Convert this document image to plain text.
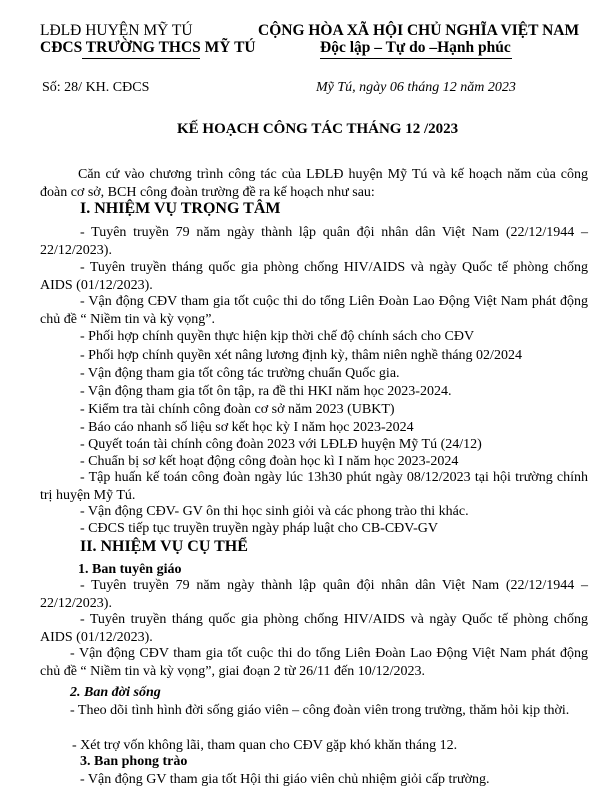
LĐLĐ HUYỆN MỸ TÚ
CĐCS TRƯỜNG THCS MỸ TÚ
CỘNG HÒA XÃ HỘI CHỦ NGHĨA VIỆT NAM
Độc lập – Tự do –Hạnh phúc
Số: 28/ KH. CĐCS	Mỹ Tú, ngày 06 tháng 12 năm 2023
KẾ HOẠCH CÔNG TÁC THÁNG 12 /2023
Căn cứ vào chương trình công tác của LĐLĐ huyện Mỹ Tú và kế hoạch năm của công đoàn cơ sở, BCH công đoàn trường đề ra kế hoạch như sau:
I. NHIỆM VỤ TRỌNG TÂM
- Tuyên truyền 79 năm ngày thành lập quân đội nhân dân Việt Nam (22/12/1944 – 22/12/2023).
- Tuyên truyền tháng quốc gia phòng chống HIV/AIDS và ngày Quốc tế phòng chống AIDS (01/12/2023).
- Vận động CĐV tham gia tốt cuộc thi do tổng Liên Đoàn Lao Động Việt Nam phát động chủ đề “ Niềm tin và kỳ vọng”.
- Phối hợp chính quyền thực hiện kịp thời chế độ chính sách cho CĐV
- Phối hợp chính quyền xét nâng lương định kỳ, thâm niên nghề tháng 02/2024
- Vận động tham gia tốt công tác trường chuẩn Quốc gia.
- Vận động tham gia tốt ôn tập, ra đề thi HKI năm học 2023-2024.
- Kiểm tra tài chính công đoàn cơ sở năm 2023 (UBKT)
- Báo cáo nhanh số liệu sơ kết học kỳ I năm học 2023-2024
- Quyết toán tài chính công đoàn 2023 với LĐLĐ huyện Mỹ Tú (24/12)
- Chuẩn bị sơ kết hoạt động công đoàn học kì I năm học 2023-2024
- Tập huấn kế toán công đoàn ngày lúc 13h30 phút ngày 08/12/2023 tại hội trường chính trị huyện Mỹ Tú.
- Vận động CĐV- GV ôn thi học sinh giỏi và các phong trào thi khác.
- CĐCS tiếp tục truyền truyền ngày pháp luật cho CB-CĐV-GV
II. NHIỆM VỤ CỤ THỂ
1. Ban tuyên giáo
- Tuyên truyền 79 năm ngày thành lập quân đội nhân dân Việt Nam (22/12/1944 – 22/12/2023).
- Tuyên truyền tháng quốc gia phòng chống HIV/AIDS và ngày Quốc tế phòng chống AIDS (01/12/2023).
- Vận động CĐV tham gia tốt cuộc thi do tổng Liên Đoàn Lao Động Việt Nam phát động chủ đề “ Niềm tin và kỳ vọng”, giai đoạn 2 từ 26/11 đến 10/12/2023.
2. Ban đời sống
- Theo dõi tình hình đời sống giáo viên – công đoàn viên trong trường, thăm hỏi kịp thời.
- Xét trợ vốn không lãi, tham quan cho CĐV gặp khó khăn tháng 12.
3. Ban phong trào
- Vận động GV tham gia tốt Hội thi giáo viên chủ nhiệm giỏi cấp trường.
